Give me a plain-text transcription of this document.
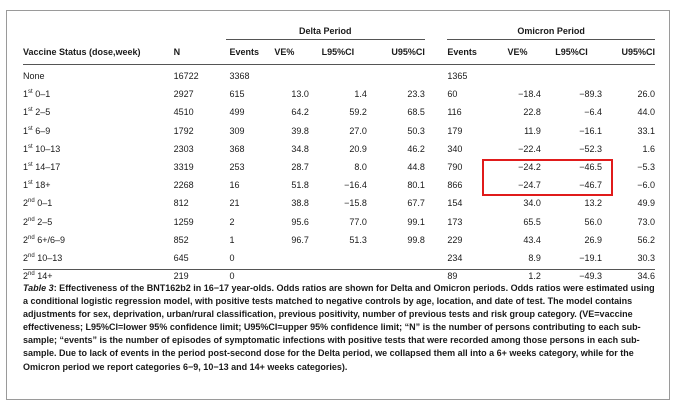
		Delta Period					Omicron Period			
Vaccine Status (dose,week)	N	Events	VE%	L95%CI	U95%CI		Events	VE%	L95%CI	U95%CI
None	16722	3368					1365			
1st 0–1	2927	615	13.0	1.4	23.3		60	−18.4	−89.3	26.0
1st 2–5	4510	499	64.2	59.2	68.5		116	22.8	−6.4	44.0
1st 6–9	1792	309	39.8	27.0	50.3		179	11.9	−16.1	33.1
1st 10–13	2303	368	34.8	20.9	46.2		340	−22.4	−52.3	1.6
1st 14–17	3319	253	28.7	8.0	44.8		790	−24.2	−46.5	−5.3
1st 18+	2268	16	51.8	−16.4	80.1		866	−24.7	−46.7	−6.0
2nd 0–1	812	21	38.8	−15.8	67.7		154	34.0	13.2	49.9
2nd 2–5	1259	2	95.6	77.0	99.1		173	65.5	56.0	73.0
2nd 6+/6–9	852	1	96.7	51.3	99.8		229	43.4	26.9	56.2
2nd 10–13	645	0					234	8.9	−19.1	30.3
2nd 14+	219	0					89	1.2	−49.3	34.6

Table 3: Effectiveness of the BNT162b2 in 16−17 year-olds. Odds ratios are shown for Delta and Omicron periods. Odds ratios were estimated using a conditional logistic regression model, with positive tests matched to negative controls by age, location, and date of test. The model contains adjustments for sex, deprivation, urban/rural classification, previous positivity, number of previous tests and risk group category. (VE=vaccine effectiveness; L95%CI=lower 95% confidence limit; U95%CI=upper 95% confidence limit; “N” is the number of persons contributing to each sub-sample; “events” is the number of episodes of symptomatic infections with positive tests that were recorded among those persons in each sub-sample. Due to lack of events in the period post-second dose for the Delta period, we collapsed them all into a 6+ weeks category, while for the Omicron period we report categories 6−9, 10−13 and 14+ weeks categories).
